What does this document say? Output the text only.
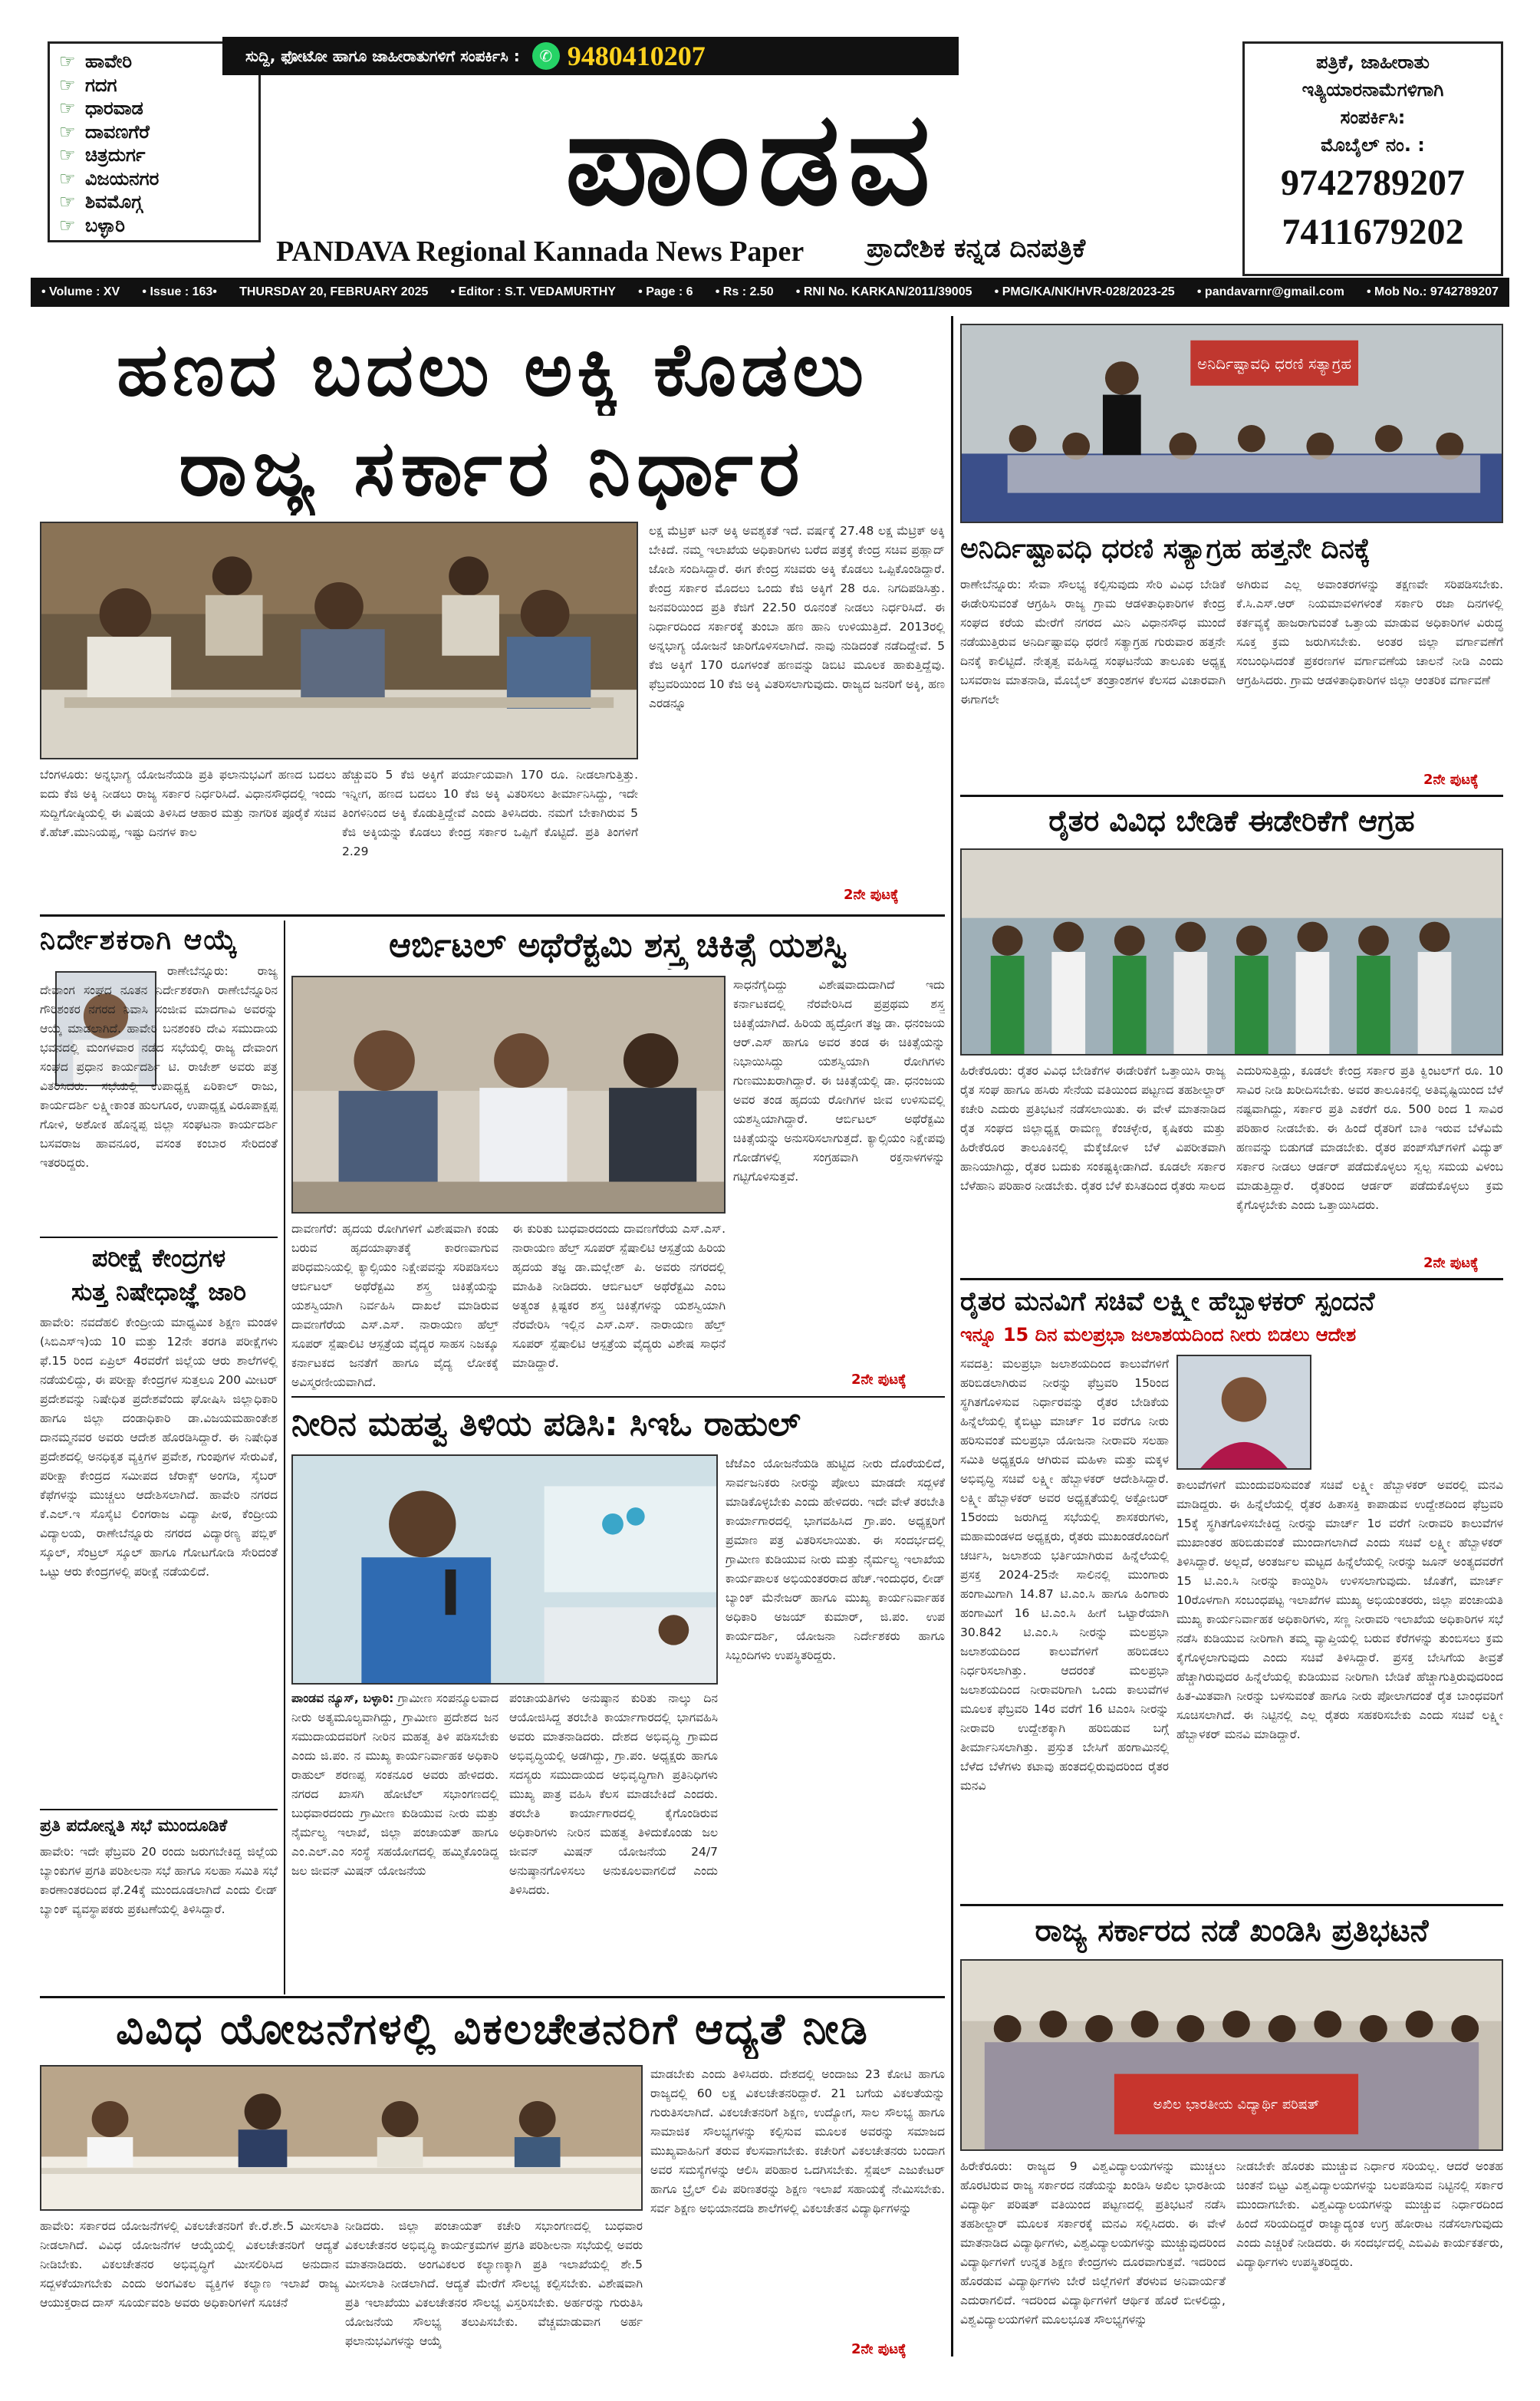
☞ ಹಾವೇರಿ
☞ ಗದಗ
☞ ಧಾರವಾಡ
☞ ದಾವಣಗೆರೆ
☞ ಚಿತ್ರದುರ್ಗ
☞ ವಿಜಯನಗರ
☞ ಶಿವಮೊಗ್ಗ
☞ ಬಳ್ಳಾರಿ
ಸುದ್ದಿ, ಫೋಟೋ ಹಾಗೂ ಜಾಹೀರಾತುಗಳಿಗೆ ಸಂಪರ್ಕಿಸಿ :	✆ 9480410207
ಪಾಂಡವ
PANDAVA Regional Kannada News Paper ಪ್ರಾದೇಶಿಕ ಕನ್ನಡ ದಿನಪತ್ರಿಕೆ
ಪತ್ರಿಕೆ, ಜಾಹೀರಾತು
ಇತ್ಯಿಯಾರನಾಮೆಗಳಿಗಾಗಿ
ಸಂಪರ್ಕಿಸಿ:
ಮೊಬೈಲ್ ನಂ. :
9742789207
7411679202
• Volume : XV • Issue : 163• THURSDAY 20, FEBRUARY 2025 • Editor : S.T. VEDAMURTHY • Page : 6 • Rs : 2.50 • RNI No. KARKAN/2011/39005 • PMG/KA/NK/HVR-028/2023-25 • pandavarnr@gmail.com • Mob No.: 9742789207
ಹಣದ ಬದಲು ಅಕ್ಕಿ ಕೊಡಲು
ರಾಜ್ಯ ಸರ್ಕಾರ ನಿರ್ಧಾರ
ಬೆಂಗಳೂರು: ಅನ್ನಭಾಗ್ಯ ಯೋಜನೆಯಡಿ ಪ್ರತಿ ಫಲಾನುಭವಿಗೆ ಹಣದ ಬದಲು ಐದು ಕೆಜಿ ಅಕ್ಕಿ ನೀಡಲು ರಾಜ್ಯ ಸರ್ಕಾರ ನಿರ್ಧರಿಸಿದೆ. ವಿಧಾನಸೌಧದಲ್ಲಿ ಇಂದು ಸುದ್ದಿಗೋಷ್ಠಿಯಲ್ಲಿ ಈ ವಿಷಯ ತಿಳಿಸಿದ ಆಹಾರ ಮತ್ತು ನಾಗರಿಕ ಪೂರೈಕೆ ಸಚಿವ ಕೆ.ಹೆಚ್.ಮುನಿಯಪ್ಪ, ಇಷ್ಟು ದಿನಗಳ ಕಾಲ
ಹೆಚ್ಚುವರಿ 5 ಕೆಜಿ ಅಕ್ಕಿಗೆ ಪರ್ಯಾಯವಾಗಿ 170 ರೂ. ನೀಡಲಾಗುತ್ತಿತ್ತು. ಇನ್ನೀಗ, ಹಣದ ಬದಲು 10 ಕೆಜಿ ಅಕ್ಕಿ ವಿತರಿಸಲು ತೀರ್ಮಾನಿಸಿದ್ದು, ಇದೇ ತಿಂಗಳಿನಿಂದ ಅಕ್ಕಿ ಕೊಡುತ್ತಿದ್ದೇವೆ ಎಂದು ತಿಳಿಸಿದರು. ನಮಗೆ ಬೇಕಾಗಿರುವ 5 ಕೆಜಿ ಅಕ್ಕಿಯನ್ನು ಕೊಡಲು ಕೇಂದ್ರ ಸರ್ಕಾರ ಒಪ್ಪಿಗೆ ಕೊಟ್ಟಿದೆ. ಪ್ರತಿ ತಿಂಗಳಿಗೆ 2.29
ಲಕ್ಷ ಮೆಟ್ರಿಕ್ ಟನ್ ಅಕ್ಕಿ ಅವಶ್ಯಕತೆ ಇದೆ. ವರ್ಷಕ್ಕೆ 27.48 ಲಕ್ಷ ಮೆಟ್ರಿಕ್ ಅಕ್ಕಿ ಬೇಕಿದೆ. ನಮ್ಮ ಇಲಾಖೆಯ ಅಧಿಕಾರಿಗಳು ಬರೆದ ಪತ್ರಕ್ಕೆ ಕೇಂದ್ರ ಸಚಿವ ಪ್ರಹ್ಲಾದ್ ಜೋಶಿ ಸಂದಿಸಿದ್ದಾರೆ. ಈಗ ಕೇಂದ್ರ ಸಚಿವರು ಅಕ್ಕಿ ಕೊಡಲು ಒಪ್ಪಿಕೊಂಡಿದ್ದಾರೆ. ಕೇಂದ್ರ ಸರ್ಕಾರ ಮೊದಲು ಒಂದು ಕೆಜಿ ಅಕ್ಕಿಗೆ 28 ರೂ. ನಿಗದಿಪಡಿಸಿತ್ತು. ಜನವರಿಯಿಂದ ಪ್ರತಿ ಕೆಜಿಗೆ 22.50 ರೂನಂತೆ ನೀಡಲು ನಿರ್ಧರಿಸಿದೆ. ಈ ನಿರ್ಧಾರದಿಂದ ಸರ್ಕಾರಕ್ಕೆ ತುಂಬಾ ಹಣ ಹಾನಿ ಉಳಿಯುತ್ತಿದೆ. 2013ರಲ್ಲಿ ಅನ್ನಭಾಗ್ಯ ಯೋಜನೆ ಜಾರಿಗೊಳಿಸಲಾಗಿದೆ. ನಾವು ನುಡಿದಂತೆ ನಡೆದಿದ್ದೇವೆ. 5 ಕೆಜಿ ಅಕ್ಕಿಗೆ 170 ರೂಗಳಂತೆ ಹಣವನ್ನು ಡಿಬಿಟಿ ಮೂಲಕ ಹಾಕುತ್ತಿದ್ದೆವು. ಫೆಬ್ರವರಿಯಿಂದ 10 ಕೆಜಿ ಅಕ್ಕಿ ವಿತರಿಸಲಾಗುವುದು. ರಾಜ್ಯದ ಜನರಿಗೆ ಅಕ್ಕಿ, ಹಣ ಎರಡನ್ನೂ
2ನೇ ಪುಟಕ್ಕೆ
ನಿರ್ದೇಶಕರಾಗಿ ಆಯ್ಕೆ
ರಾಣೇಬೆನ್ನೂರು: ರಾಜ್ಯ ದೇವಾಂಗ ಸಂಘದ ನೂತನ ನಿರ್ದೇಶಕರಾಗಿ ರಾಣೇಬೆನ್ನೂರಿನ ಗೌರಿಶಂಕರ ನಗರದ ನಿವಾಸಿ ಸಂಜೀವ ಮಾದಗಾವಿ ಅವರನ್ನು ಆಯ್ಕೆ ಮಾಡಲಾಗಿದೆ. ಹಾವೇರಿ ಬನಶಂಕರಿ ದೇವಿ ಸಮುದಾಯ ಭವನದಲ್ಲಿ ಮಂಗಳವಾರ ನಡೆದ ಸಭೆಯಲ್ಲಿ ರಾಜ್ಯ ದೇವಾಂಗ ಸಂಘದ ಪ್ರಧಾನ ಕಾರ್ಯದರ್ಶಿ ಟಿ. ರಾಜೇಶ್ ಅವರು ಪತ್ರ ವಿತರಿಸಿದರು. ಸಭೆಯಲ್ಲಿ ಉಪಾಧ್ಯಕ್ಷ ಏರಿಕಾಲ್ ರಾಜು, ಕಾರ್ಯದರ್ಶಿ ಲಕ್ಷ್ಮೀಕಾಂತ ಹುಲಗೂರ, ಉಪಾಧ್ಯಕ್ಷ ವಿರೂಪಾಕ್ಷಪ್ಪ ಗೋಳಿ, ಅಶೋಕ ಹೊನ್ನಪ್ಪ ಜಿಲ್ಲಾ ಸಂಘಟನಾ ಕಾರ್ಯದರ್ಶಿ ಬಸವರಾಜ ಹಾವನೂರ, ವಸಂತ ಕಂಬಾರ ಸೇರಿದಂತೆ ಇತರರಿದ್ದರು.
ಪರೀಕ್ಷೆ ಕೇಂದ್ರಗಳ
ಸುತ್ತ ನಿಷೇಧಾಜ್ಞೆ ಜಾರಿ
ಹಾವೇರಿ: ನವದೆಹಲಿ ಕೇಂದ್ರೀಯ ಮಾಧ್ಯಮಿಕ ಶಿಕ್ಷಣ ಮಂಡಳಿ (ಸಿಬಿಎಸ್‌ಇ)ಯ 10 ಮತ್ತು 12ನೇ ತರಗತಿ ಪರೀಕ್ಷೆಗಳು ಫೆ.15 ರಿಂದ ಏಪ್ರಿಲ್ 4ರವರೆಗೆ ಜಿಲ್ಲೆಯ ಆರು ಶಾಲೆಗಳಲ್ಲಿ ನಡೆಯಲಿದ್ದು, ಈ ಪರೀಕ್ಷಾ ಕೇಂದ್ರಗಳ ಸುತ್ತಲೂ 200 ಮೀಟರ್ ಪ್ರದೇಶವನ್ನು ನಿಷೇಧಿತ ಪ್ರದೇಶವೆಂದು ಘೋಷಿಸಿ ಜಿಲ್ಲಾಧಿಕಾರಿ ಹಾಗೂ ಜಿಲ್ಲಾ ದಂಡಾಧಿಕಾರಿ ಡಾ.ವಿಜಯಮಹಾಂತೇಶ ದಾನಮ್ಮನವರ ಅವರು ಆದೇಶ ಹೊರಡಿಸಿದ್ದಾರೆ. ಈ ನಿಷೇಧಿತ ಪ್ರದೇಶದಲ್ಲಿ ಅನಧಿಕೃತ ವ್ಯಕ್ತಿಗಳ ಪ್ರವೇಶ, ಗುಂಪುಗಳ ಸೇರುವಿಕೆ, ಪರೀಕ್ಷಾ ಕೇಂದ್ರದ ಸಮೀಪದ ಜೆರಾಕ್ಸ್ ಅಂಗಡಿ, ಸೈಬರ್ ಕೆಫೆಗಳನ್ನು ಮುಚ್ಚಲು ಆದೇಶಿಸಲಾಗಿದೆ. ಹಾವೇರಿ ನಗರದ ಕೆ.ಎಲ್.ಇ ಸೊಸೈಟಿ ಲಿಂಗರಾಜ ವಿದ್ಯಾ ಪೀಠ, ಕೆಂದ್ರೀಯ ವಿದ್ಯಾಲಯ, ರಾಣೇಬೆನ್ನೂರು ನಗರದ ವಿದ್ಯಾರಣ್ಯ ಪಬ್ಲಿಕ್ ಸ್ಕೂಲ್, ಸೆಂಟ್ರಲ್ ಸ್ಕೂಲ್ ಹಾಗೂ ಗೋಟಗೋಡಿ ಸೇರಿದಂತೆ ಒಟ್ಟು ಆರು ಕೇಂದ್ರಗಳಲ್ಲಿ ಪರೀಕ್ಷೆ ನಡೆಯಲಿದೆ.
ಪ್ರತಿ ಪದೋನ್ನತಿ ಸಭೆ ಮುಂದೂಡಿಕೆ
ಹಾವೇರಿ: ಇದೇ ಫೆಬ್ರವರಿ 20 ರಂದು ಜರುಗಬೇಕಿದ್ದ ಜಿಲ್ಲೆಯ ಬ್ಯಾಂಕುಗಳ ಪ್ರಗತಿ ಪರಿಶೀಲನಾ ಸಭೆ ಹಾಗೂ ಸಲಹಾ ಸಮಿತಿ ಸಭೆ ಕಾರಣಾಂತರದಿಂದ ಫೆ.24ಕ್ಕೆ ಮುಂದೂಡಲಾಗಿದೆ ಎಂದು ಲೀಡ್ ಬ್ಯಾಂಕ್ ವ್ಯವಸ್ಥಾಪಕರು ಪ್ರಕಟಣೆಯಲ್ಲಿ ತಿಳಿಸಿದ್ದಾರೆ.
ಆರ್ಬಿಟಲ್ ಅಥೆರೆಕ್ಟಮಿ ಶಸ್ತ್ರ ಚಿಕಿತ್ಸೆ ಯಶಸ್ವಿ
ದಾವಣಗೆರೆ: ಹೃದಯ ರೋಗಿಗಳಿಗೆ ವಿಶೇಷವಾಗಿ ಕಂಡು ಬರುವ ಹೃದಯಾಘಾತಕ್ಕೆ ಕಾರಣವಾಗುವ ಪರಿಧಮನಿಯಲ್ಲಿ ಕ್ಯಾಲ್ಸಿಯಂ ನಿಕ್ಷೇಪವನ್ನು ಸರಿಪಡಿಸಲು ಆರ್ಬಿಟಲ್ ಅಥೆರೆಕ್ಟಮಿ ಶಸ್ತ್ರ ಚಿಕಿತ್ಸೆಯನ್ನು ಯಶಸ್ವಿಯಾಗಿ ನಿರ್ವಹಿಸಿ ದಾಖಲೆ ಮಾಡಿರುವ ದಾವಣಗೆರೆಯ ಎಸ್.ಎಸ್. ನಾರಾಯಣ ಹೆಲ್ತ್ ಸೂಪರ್ ಸ್ಪೆಷಾಲಿಟಿ ಆಸ್ಪತ್ರೆಯ ವೈದ್ಯರ ಸಾಹಸ ನಿಜಕ್ಕೂ ಕರ್ನಾಟಕದ ಜನತೆಗೆ ಹಾಗೂ ವೈದ್ಯ ಲೋಕಕ್ಕೆ ಅವಿಸ್ಮರಣೀಯವಾಗಿದೆ.
ಈ ಕುರಿತು ಬುಧವಾರದಂದು ದಾವಣಗೆರೆಯ ಎಸ್.ಎಸ್. ನಾರಾಯಣ ಹೆಲ್ತ್ ಸೂಪರ್ ಸ್ಪೆಷಾಲಿಟಿ ಆಸ್ಪತ್ರೆಯ ಹಿರಿಯ ಹೃದಯ ತಜ್ಞ ಡಾ.ಮಲ್ಲೇಶ್ ಪಿ. ಅವರು ನಗರದಲ್ಲಿ ಮಾಹಿತಿ ನೀಡಿದರು. ಆರ್ಬಿಟಲ್ ಅಥೆರೆಕ್ಟಮಿ ಎಂಬ ಅತ್ಯಂತ ಕ್ಲಿಷ್ಟಕರ ಶಸ್ತ್ರ ಚಿಕಿತ್ಸೆಗಳನ್ನು ಯಶಸ್ವಿಯಾಗಿ ನೆರವೇರಿಸಿ ಇಲ್ಲಿನ ಎಸ್.ಎಸ್. ನಾರಾಯಣ ಹೆಲ್ತ್ ಸೂಪರ್ ಸ್ಪೆಷಾಲಿಟಿ ಆಸ್ಪತ್ರೆಯ ವೈದ್ಯರು ವಿಶೇಷ ಸಾಧನೆ ಮಾಡಿದ್ದಾರೆ.
ಸಾಧನೆಗೈದಿದ್ದು ವಿಶೇಷವಾದುದಾಗಿದೆ ಇದು ಕರ್ನಾಟಕದಲ್ಲಿ ನೆರವೇರಿಸಿದ ಪ್ರಪ್ರಥಮ ಶಸ್ತ್ರ ಚಿಕಿತ್ಸೆಯಾಗಿದೆ. ಹಿರಿಯ ಹೃದ್ರೋಗ ತಜ್ಞ ಡಾ. ಧನಂಜಯ ಆರ್.ಎಸ್ ಹಾಗೂ ಅವರ ತಂಡ ಈ ಚಿಕಿತ್ಸೆಯನ್ನು ನಿಭಾಯಿಸಿದ್ದು ಯಶಸ್ವಿಯಾಗಿ ರೋಗಿಗಳು ಗುಣಮುಖರಾಗಿದ್ದಾರೆ. ಈ ಚಿಕಿತ್ಸೆಯಲ್ಲಿ ಡಾ. ಧನಂಜಯ ಅವರ ತಂಡ ಹೃದಯ ರೋಗಿಗಳ ಜೀವ ಉಳಿಸುವಲ್ಲಿ ಯಶಸ್ವಿಯಾಗಿದ್ದಾರೆ. ಆರ್ಬಿಟಲ್ ಅಥೆರೆಕ್ಟಮಿ ಚಿಕಿತ್ಸೆಯನ್ನು ಅನುಸರಿಸಲಾಗುತ್ತದೆ. ಕ್ಯಾಲ್ಸಿಯಂ ನಿಕ್ಷೇಪವು ಗೋಡೆಗಳಲ್ಲಿ ಸಂಗ್ರಹವಾಗಿ ರಕ್ತನಾಳಗಳನ್ನು ಗಟ್ಟಿಗೊಳಿಸುತ್ತವೆ.
2ನೇ ಪುಟಕ್ಕೆ
ನೀರಿನ ಮಹತ್ವ ತಿಳಿಯ ಪಡಿಸಿ: ಸಿಇಓ ರಾಹುಲ್
ಪಾಂಡವ ನ್ಯೂಸ್, ಬಳ್ಳಾರಿ: ಗ್ರಾಮೀಣ ಸಂಪನ್ಮೂಲವಾದ ನೀರು ಅತ್ಯಮೂಲ್ಯವಾಗಿದ್ದು, ಗ್ರಾಮೀಣ ಪ್ರದೇಶದ ಜನ ಸಮುದಾಯದವರಿಗೆ ನೀರಿನ ಮಹತ್ವ ತಿಳಿ ಪಡಿಸಬೇಕು ಎಂದು ಜಿ.ಪಂ. ನ ಮುಖ್ಯ ಕಾರ್ಯನಿರ್ವಾಹಕ ಅಧಿಕಾರಿ ರಾಹುಲ್ ಶರಣಪ್ಪ ಸಂಕನೂರ ಅವರು ಹೇಳಿದರು. ನಗರದ ಖಾಸಗಿ ಹೋಟೆಲ್ ಸಭಾಂಗಣದಲ್ಲಿ ಬುಧವಾರದಂದು ಗ್ರಾಮೀಣ ಕುಡಿಯುವ ನೀರು ಮತ್ತು ನೈರ್ಮಲ್ಯ ಇಲಾಖೆ, ಜಿಲ್ಲಾ ಪಂಚಾಯತ್ ಹಾಗೂ ಎಂ.ಎಲ್.ಎಂ ಸಂಸ್ಥೆ ಸಹಯೋಗದಲ್ಲಿ ಹಮ್ಮಿಕೊಂಡಿದ್ದ ಜಲ ಜೀವನ್ ಮಿಷನ್ ಯೋಜನೆಯ
ಪಂಚಾಯತಿಗಳು ಅನುಷ್ಠಾನ ಕುರಿತು ನಾಲ್ಕು ದಿನ ಆಯೋಜಿಸಿದ್ದ ತರಬೇತಿ ಕಾರ್ಯಾಗಾರದಲ್ಲಿ ಭಾಗವಹಿಸಿ ಅವರು ಮಾತನಾಡಿದರು. ದೇಶದ ಅಭಿವೃದ್ಧಿ ಗ್ರಾಮದ ಅಭಿವೃದ್ಧಿಯಲ್ಲಿ ಅಡಗಿದ್ದು, ಗ್ರಾ.ಪಂ. ಅಧ್ಯಕ್ಷರು ಹಾಗೂ ಸದಸ್ಯರು ಸಮುದಾಯದ ಅಭಿವೃದ್ಧಿಗಾಗಿ ಪ್ರತಿನಿಧಿಗಳು ಮುಖ್ಯ ಪಾತ್ರ ವಹಿಸಿ ಕೆಲಸ ಮಾಡಬೇಕಿದೆ ಎಂದರು. ತರಬೇತಿ ಕಾರ್ಯಾಗಾರದಲ್ಲಿ ಕೈಗೊಂಡಿರುವ ಅಧಿಕಾರಿಗಳು ನೀರಿನ ಮಹತ್ವ ತಿಳಿದುಕೊಂಡು ಜಲ ಜೀವನ್ ಮಿಷನ್ ಯೋಜನೆಯ 24/7 ಅನುಷ್ಠಾನಗೊಳಿಸಲು ಅನುಕೂಲವಾಗಲಿದೆ ಎಂದು ತಿಳಿಸಿದರು.
ಜೆಜೆಎಂ ಯೋಜನೆಯಡಿ ಹುಟ್ಟಿದ ನೀರು ದೊರೆಯಲಿದೆ, ಸಾರ್ವಜನಿಕರು ನೀರನ್ನು ಪೋಲು ಮಾಡದೇ ಸದ್ಬಳಕೆ ಮಾಡಿಕೊಳ್ಳಬೇಕು ಎಂದು ಹೇಳಿದರು. ಇದೇ ವೇಳೆ ತರಬೇತಿ ಕಾರ್ಯಾಗಾರದಲ್ಲಿ ಭಾಗವಹಿಸಿದ ಗ್ರಾ.ಪಂ. ಅಧ್ಯಕ್ಷರಿಗೆ ಪ್ರಮಾಣ ಪತ್ರ ವಿತರಿಸಲಾಯಿತು. ಈ ಸಂದರ್ಭದಲ್ಲಿ ಗ್ರಾಮೀಣ ಕುಡಿಯುವ ನೀರು ಮತ್ತು ನೈರ್ಮಲ್ಯ ಇಲಾಖೆಯ ಕಾರ್ಯಪಾಲಕ ಅಭಿಯಂತರರಾದ ಹೆಚ್.ಇಂದುಧರ, ಲೀಡ್ ಬ್ಯಾಂಕ್ ಮೆನೇಜರ್ ಹಾಗೂ ಮುಖ್ಯ ಕಾರ್ಯನಿರ್ವಾಹಕ ಅಧಿಕಾರಿ ಅಜಯ್ ಕುಮಾರ್, ಜಿ.ಪಂ. ಉಪ ಕಾರ್ಯದರ್ಶಿ, ಯೋಜನಾ ನಿರ್ದೇಶಕರು ಹಾಗೂ ಸಿಬ್ಬಂದಿಗಳು ಉಪಸ್ಥಿತರಿದ್ದರು.
ವಿವಿಧ ಯೋಜನೆಗಳಲ್ಲಿ ವಿಕಲಚೇತನರಿಗೆ ಆದ್ಯತೆ ನೀಡಿ
ಹಾವೇರಿ: ಸರ್ಕಾರದ ಯೋಜನೆಗಳಲ್ಲಿ ವಿಕಲಚೇತನರಿಗೆ ಕೇ.ರೆ.ಶೇ.5 ಮೀಸಲಾತಿ ನೀಡಲಾಗಿದೆ. ವಿವಿಧ ಯೋಜನೆಗಳ ಆಯ್ಕೆಯಲ್ಲಿ ವಿಕಲಚೇತನರಿಗೆ ಆದ್ಯತೆ ನೀಡಿಬೇಕು. ವಿಕಲಚೇತನರ ಅಭಿವೃದ್ಧಿಗೆ ಮೀಸಲಿರಿಸಿದ ಅನುದಾನ ಸದ್ಬಳಕೆಯಾಗಬೇಕು ಎಂದು ಅಂಗವಿಕಲ ವ್ಯಕ್ತಿಗಳ ಕಲ್ಯಾಣ ಇಲಾಖೆ ರಾಜ್ಯ ಆಯುಕ್ತರಾದ ದಾಸ್ ಸೂರ್ಯವಂಶಿ ಅವರು ಅಧಿಕಾರಿಗಳಿಗೆ ಸೂಚನೆ
ನೀಡಿದರು. ಜಿಲ್ಲಾ ಪಂಚಾಯತ್ ಕಚೇರಿ ಸಭಾಂಗಣದಲ್ಲಿ ಬುಧವಾರ ವಿಕಲಚೇತನರ ಅಭಿವೃದ್ಧಿ ಕಾರ್ಯಕ್ರಮಗಳ ಪ್ರಗತಿ ಪರಿಶೀಲನಾ ಸಭೆಯಲ್ಲಿ ಅವರು ಮಾತನಾಡಿದರು. ಅಂಗವಿಕಲರ ಕಲ್ಯಾಣಕ್ಕಾಗಿ ಪ್ರತಿ ಇಲಾಖೆಯಲ್ಲಿ ಶೇ.5 ಮೀಸಲಾತಿ ನೀಡಲಾಗಿದೆ. ಆದ್ಯತೆ ಮೇರೆಗೆ ಸೌಲಭ್ಯ ಕಲ್ಪಿಸಬೇಕು. ವಿಶೇಷವಾಗಿ ಪ್ರತಿ ಇಲಾಖೆಯು ವಿಕಲಚೇತನರ ಸೌಲಭ್ಯ ವಿಸ್ತರಿಸಬೇಕು. ಅರ್ಹರನ್ನು ಗುರುತಿಸಿ ಯೋಜನೆಯ ಸೌಲಭ್ಯ ತಲುಪಿಸಬೇಕು. ವೆಚ್ಚಮಾಡುವಾಗ ಅರ್ಹ ಫಲಾನುಭವಿಗಳನ್ನು ಆಯ್ಕೆ
ಮಾಡಬೇಕು ಎಂದು ತಿಳಿಸಿದರು. ದೇಶದಲ್ಲಿ ಅಂದಾಜು 23 ಕೋಟಿ ಹಾಗೂ ರಾಜ್ಯದಲ್ಲಿ 60 ಲಕ್ಷ ವಿಕಲಚೇತನರಿದ್ದಾರೆ. 21 ಬಗೆಯ ವಿಕಲತೆಯನ್ನು ಗುರುತಿಸಲಾಗಿದೆ. ವಿಕಲಚೇತನರಿಗೆ ಶಿಕ್ಷಣ, ಉದ್ಯೋಗ, ಸಾಲ ಸೌಲಭ್ಯ ಹಾಗೂ ಸಾಮಾಜಿಕ ಸೌಲಭ್ಯಗಳನ್ನು ಕಲ್ಪಿಸುವ ಮೂಲಕ ಅವರನ್ನು ಸಮಾಜದ ಮುಖ್ಯವಾಹಿನಿಗೆ ತರುವ ಕೆಲಸವಾಗಬೇಕು. ಕಚೇರಿಗೆ ವಿಕಲಚೇತನರು ಬಂದಾಗ ಅವರ ಸಮಸ್ಯೆಗಳನ್ನು ಆಲಿಸಿ ಪರಿಹಾರ ಒದಗಿಸಬೇಕು. ಸ್ಪೆಷಲ್ ಎಜುಕೇಟರ್ ಹಾಗೂ ಬ್ರೈಲ್ ಲಿಪಿ ಪರಿಣತರನ್ನು ಶಿಕ್ಷಣ ಇಲಾಖೆ ಸಹಾಯಕ್ಕೆ ನೇಮಿಸಬೇಕು. ಸರ್ವ ಶಿಕ್ಷಣ ಅಭಿಯಾನದಡಿ ಶಾಲೆಗಳಲ್ಲಿ ವಿಕಲಚೇತನ ವಿದ್ಯಾರ್ಥಿಗಳನ್ನು
2ನೇ ಪುಟಕ್ಕೆ
ಅನಿರ್ದಿಷ್ಟಾವಧಿ ಧರಣಿ ಸತ್ಯಾಗ್ರಹ
ಅನಿರ್ದಿಷ್ಟಾವಧಿ ಧರಣಿ ಸತ್ಯಾಗ್ರಹ ಹತ್ತನೇ ದಿನಕ್ಕೆ
ರಾಣೇಬೆನ್ನೂರು: ಸೇವಾ ಸೌಲಭ್ಯ ಕಲ್ಪಿಸುವುದು ಸೇರಿ ವಿವಿಧ ಬೇಡಿಕೆ ಈಡೇರಿಸುವಂತೆ ಆಗ್ರಹಿಸಿ ರಾಜ್ಯ ಗ್ರಾಮ ಆಡಳಿತಾಧಿಕಾರಿಗಳ ಕೇಂದ್ರ ಸಂಘದ ಕರೆಯ ಮೇರೆಗೆ ನಗರದ ಮಿನಿ ವಿಧಾನಸೌಧ ಮುಂದೆ ನಡೆಯುತ್ತಿರುವ ಅನಿರ್ದಿಷ್ಟಾವಧಿ ಧರಣಿ ಸತ್ಯಾಗ್ರಹ ಗುರುವಾರ ಹತ್ತನೇ ದಿನಕ್ಕೆ ಕಾಲಿಟ್ಟಿದೆ. ನೇತೃತ್ವ ವಹಿಸಿದ್ದ ಸಂಘಟನೆಯ ತಾಲೂಕು ಅಧ್ಯಕ್ಷ ಬಸವರಾಜ ಮಾತನಾಡಿ, ಮೊಬೈಲ್ ತಂತ್ರಾಂಶಗಳ ಕೆಲಸದ ವಿಚಾರವಾಗಿ ಈಗಾಗಲೇ
ಅಗಿರುವ ಎಲ್ಲ ಅವಾಂತರಗಳನ್ನು ತಕ್ಷಣವೇ ಸರಿಪಡಿಸಬೇಕು. ಕೆ.ಸಿ.ಎಸ್.ಆರ್ ನಿಯಮಾವಳಿಗಳಂತೆ ಸರ್ಕಾರಿ ರಜಾ ದಿನಗಳಲ್ಲಿ ಕರ್ತವ್ಯಕ್ಕೆ ಹಾಜರಾಗುವಂತೆ ಒತ್ತಾಯ ಮಾಡುವ ಅಧಿಕಾರಿಗಳ ವಿರುದ್ಧ ಸೂಕ್ತ ಕ್ರಮ ಜರುಗಿಸಬೇಕು. ಅಂತರ ಜಿಲ್ಲಾ ವರ್ಗಾವಣೆಗೆ ಸಂಬಂಧಿಸಿದಂತೆ ಪ್ರಕರಣಗಳ ವರ್ಗಾವಣೆಯ ಚಾಲನೆ ನೀಡಿ ಎಂದು ಆಗ್ರಹಿಸಿದರು. ಗ್ರಾಮ ಆಡಳಿತಾಧಿಕಾರಿಗಳ ಜಿಲ್ಲಾ ಆಂತರಿಕ ವರ್ಗಾವಣೆ
2ನೇ ಪುಟಕ್ಕೆ
ರೈತರ ವಿವಿಧ ಬೇಡಿಕೆ ಈಡೇರಿಕೆಗೆ ಆಗ್ರಹ
ಹಿರೇಕೆರೂರು: ರೈತರ ವಿವಿಧ ಬೇಡಿಕೆಗಳ ಈಡೇರಿಕೆಗೆ ಒತ್ತಾಯಿಸಿ ರಾಜ್ಯ ರೈತ ಸಂಘ ಹಾಗೂ ಹಸಿರು ಸೇನೆಯ ವತಿಯಿಂದ ಪಟ್ಟಣದ ತಹಶೀಲ್ದಾರ್ ಕಚೇರಿ ಎದುರು ಪ್ರತಿಭಟನೆ ನಡೆಸಲಾಯಿತು. ಈ ವೇಳೆ ಮಾತನಾಡಿದ ರೈತ ಸಂಘದ ಜಿಲ್ಲಾಧ್ಯಕ್ಷ ರಾಮಣ್ಣ ಕೆಂಚಳ್ಳೇರ, ಕೃಷಿಕರು ಮತ್ತು ಹಿರೇಕೆರೂರ ತಾಲೂಕಿನಲ್ಲಿ ಮೆಕ್ಕೆಜೋಳ ಬೆಳೆ ವಿಪರೀತವಾಗಿ ಹಾನಿಯಾಗಿದ್ದು, ರೈತರ ಬದುಕು ಸಂಕಷ್ಟಕ್ಕೀಡಾಗಿದೆ. ಕೂಡಲೇ ಸರ್ಕಾರ ಬೆಳೆಹಾನಿ ಪರಿಹಾರ ನೀಡಬೇಕು. ರೈತರ ಬೆಳೆ ಕುಸಿತದಿಂದ ರೈತರು ಸಾಲದ
ಎದುರಿಸುತ್ತಿದ್ದು, ಕೂಡಲೇ ಕೇಂದ್ರ ಸರ್ಕಾರ ಪ್ರತಿ ಕ್ವಿಂಟಲ್‌ಗೆ ರೂ. 10 ಸಾವಿರ ನೀಡಿ ಖರೀದಿಸಬೇಕು. ಅವರ ತಾಲೂಕಿನಲ್ಲಿ ಅತಿವೃಷ್ಟಿಯಿಂದ ಬೆಳೆ ನಷ್ಟವಾಗಿದ್ದು, ಸರ್ಕಾರ ಪ್ರತಿ ಎಕರೆಗೆ ರೂ. 500 ರಿಂದ 1 ಸಾವಿರ ಪರಿಹಾರ ನೀಡಬೇಕು. ಈ ಹಿಂದೆ ರೈತರಿಗೆ ಬಾಕಿ ಇರುವ ಬೆಳೆವಿಮೆ ಹಣವನ್ನು ಬಿಡುಗಡೆ ಮಾಡಬೇಕು. ರೈತರ ಪಂಪ್‌ಸೆಟ್‌ಗಳಿಗೆ ವಿದ್ಯುತ್ ಸರ್ಕಾರ ನೀಡಲು ಆರ್ಡರ್ ಪಡೆದುಕೊಳ್ಳಲು ಸ್ವಲ್ಪ ಸಮಯ ವಿಳಂಬ ಮಾಡುತ್ತಿದ್ದಾರೆ. ರೈತರಿಂದ ಆರ್ಡರ್ ಪಡೆದುಕೊಳ್ಳಲು ಕ್ರಮ ಕೈಗೊಳ್ಳಬೇಕು ಎಂದು ಒತ್ತಾಯಿಸಿದರು.
2ನೇ ಪುಟಕ್ಕೆ
ರೈತರ ಮನವಿಗೆ ಸಚಿವೆ ಲಕ್ಷ್ಮೀ ಹೆಬ್ಬಾಳಕರ್ ಸ್ಪಂದನೆ
ಇನ್ನೂ 15 ದಿನ ಮಲಪ್ರಭಾ ಜಲಾಶಯದಿಂದ ನೀರು ಬಿಡಲು ಆದೇಶ
ಸವದತ್ತಿ: ಮಲಪ್ರಭಾ ಜಲಾಶಯದಿಂದ ಕಾಲುವೆಗಳಿಗೆ ಹರಿಬಿಡಲಾಗಿರುವ ನೀರನ್ನು ಫೆಬ್ರವರಿ 15ರಿಂದ ಸ್ಥಗಿತಗೊಳಿಸುವ ನಿರ್ಧಾರವನ್ನು ರೈತರ ಬೇಡಿಕೆಯ ಹಿನ್ನೆಲೆಯಲ್ಲಿ ಕೈಬಿಟ್ಟು ಮಾರ್ಚ್ 1ರ ವರೆಗೂ ನೀರು ಹರಿಸುವಂತೆ ಮಲಪ್ರಭಾ ಯೋಜನಾ ನೀರಾವರಿ ಸಲಹಾ ಸಮಿತಿ ಅಧ್ಯಕ್ಷರೂ ಆಗಿರುವ ಮಹಿಳಾ ಮತ್ತು ಮಕ್ಕಳ ಅಭಿವೃದ್ಧಿ ಸಚಿವೆ ಲಕ್ಷ್ಮೀ ಹೆಬ್ಬಾಳಕರ್ ಆದೇಶಿಸಿದ್ದಾರೆ. ಲಕ್ಷ್ಮೀ ಹೆಬ್ಬಾಳಕರ್ ಅವರ ಅಧ್ಯಕ್ಷತೆಯಲ್ಲಿ ಅಕ್ಟೋಬರ್ 15ರಂದು ಜರುಗಿದ್ದ ಸಭೆಯಲ್ಲಿ ಶಾಸಕರುಗಳು, ಮಹಾಮಂಡಳದ ಅಧ್ಯಕ್ಷರು, ರೈತರು ಮುಖಂಡರೊಂದಿಗೆ ಚರ್ಚಿಸಿ, ಜಲಾಶಯ ಭರ್ತಿಯಾಗಿರುವ ಹಿನ್ನೆಲೆಯಲ್ಲಿ ಪ್ರಸಕ್ತ 2024-25ನೇ ಸಾಲಿನಲ್ಲಿ ಮುಂಗಾರು ಹಂಗಾಮಿಗಾಗಿ 14.87 ಟಿ.ಎಂ.ಸಿ ಹಾಗೂ ಹಿಂಗಾರು ಹಂಗಾಮಿಗೆ 16 ಟಿ.ಎಂ.ಸಿ ಹೀಗೆ ಒಟ್ಟಾರೆಯಾಗಿ 30.842 ಟಿ.ಎಂ.ಸಿ ನೀರನ್ನು ಮಲಪ್ರಭಾ ಜಲಾಶಯದಿಂದ ಕಾಲುವೆಗಳಿಗೆ ಹರಿಬಿಡಲು ನಿರ್ಧರಿಸಲಾಗಿತ್ತು. ಆದರಂತೆ ಮಲಪ್ರಭಾ ಜಲಾಶಯದಿಂದ ನೀರಾವರಿಗಾಗಿ ಒಂದು ಕಾಲುವೆಗಳ ಮೂಲಕ ಫೆಬ್ರವರಿ 14ರ ವರೆಗೆ 16 ಟಿಎಂಸಿ ನೀರನ್ನು ನೀರಾವರಿ ಉದ್ದೇಶಕ್ಕಾಗಿ ಹರಿಬಿಡುವ ಬಗ್ಗೆ ತೀರ್ಮಾನಿಸಲಾಗಿತ್ತು. ಪ್ರಸ್ತುತ ಬೇಸಿಗೆ ಹಂಗಾಮಿನಲ್ಲಿ ಬೆಳೆದ ಬೆಳೆಗಳು ಕಟಾವು ಹಂತದಲ್ಲಿರುವುದರಿಂದ ರೈತರ ಮನವಿ
ಕಾಲುವೆಗಳಿಗೆ ಮುಂದುವರಿಸುವಂತೆ ಸಚಿವೆ ಲಕ್ಷ್ಮೀ ಹೆಬ್ಬಾಳಕರ್ ಅವರಲ್ಲಿ ಮನವಿ ಮಾಡಿದ್ದರು. ಈ ಹಿನ್ನೆಲೆಯಲ್ಲಿ ರೈತರ ಹಿತಾಸಕ್ತಿ ಕಾಪಾಡುವ ಉದ್ದೇಶದಿಂದ ಫೆಬ್ರವರಿ 15ಕ್ಕೆ ಸ್ಥಗಿತಗೊಳಿಸಬೇಕಿದ್ದ ನೀರನ್ನು ಮಾರ್ಚ್ 1ರ ವರೆಗೆ ನೀರಾವರಿ ಕಾಲುವೆಗಳ ಮುಖಾಂತರ ಹರಿಬಿಡುವಂತೆ ಮುಂದಾಗಲಾಗಿದೆ ಎಂದು ಸಚಿವೆ ಲಕ್ಷ್ಮೀ ಹೆಬ್ಬಾಳಕರ್ ತಿಳಿಸಿದ್ದಾರೆ. ಅಲ್ಲದೆ, ಅಂತರ್ಜಲ ಮಟ್ಟದ ಹಿನ್ನೆಲೆಯಲ್ಲಿ ನೀರನ್ನು ಜೂನ್ ಅಂತ್ಯದವರೆಗೆ 15 ಟಿ.ಎಂ.ಸಿ ನೀರನ್ನು ಕಾಯ್ದಿರಿಸಿ ಉಳಿಸಲಾಗುವುದು. ಜೊತೆಗೆ, ಮಾರ್ಚ್ 10ರೊಳಗಾಗಿ ಸಂಬಂಧಪಟ್ಟ ಇಲಾಖೆಗಳ ಮುಖ್ಯ ಅಭಿಯಂತರರು, ಜಿಲ್ಲಾ ಪಂಚಾಯತಿ ಮುಖ್ಯ ಕಾರ್ಯನಿರ್ವಾಹಕ ಅಧಿಕಾರಿಗಳು, ಸಣ್ಣ ನೀರಾವರಿ ಇಲಾಖೆಯ ಅಧಿಕಾರಿಗಳ ಸಭೆ ನಡೆಸಿ ಕುಡಿಯುವ ನೀರಿಗಾಗಿ ತಮ್ಮ ವ್ಯಾಪ್ತಿಯಲ್ಲಿ ಬರುವ ಕೆರೆಗಳನ್ನು ತುಂಬಿಸಲು ಕ್ರಮ ಕೈಗೊಳ್ಳಲಾಗುವುದು ಎಂದು ಸಚಿವೆ ತಿಳಿಸಿದ್ದಾರೆ. ಪ್ರಸಕ್ತ ಬೇಸಿಗೆಯ ತೀವ್ರತೆ ಹೆಚ್ಚಾಗಿರುವುದರ ಹಿನ್ನೆಲೆಯಲ್ಲಿ ಕುಡಿಯುವ ನೀರಿಗಾಗಿ ಬೇಡಿಕೆ ಹೆಚ್ಚಾಗುತ್ತಿರುವುದರಿಂದ ಹಿತ-ಮಿತವಾಗಿ ನೀರನ್ನು ಬಳಸುವಂತೆ ಹಾಗೂ ನೀರು ಪೋಲಾಗದಂತೆ ರೈತ ಬಾಂಧವರಿಗೆ ಸೂಚಿಸಲಾಗಿದೆ. ಈ ನಿಟ್ಟಿನಲ್ಲಿ ಎಲ್ಲ ರೈತರು ಸಹಕರಿಸಬೇಕು ಎಂದು ಸಚಿವೆ ಲಕ್ಷ್ಮೀ ಹೆಬ್ಬಾಳಕರ್ ಮನವಿ ಮಾಡಿದ್ದಾರೆ.
ರಾಜ್ಯ ಸರ್ಕಾರದ ನಡೆ ಖಂಡಿಸಿ ಪ್ರತಿಭಟನೆ
ಅಖಿಲ ಭಾರತೀಯ ವಿದ್ಯಾರ್ಥಿ ಪರಿಷತ್
ಹಿರೇಕೆರೂರು: ರಾಜ್ಯದ 9 ವಿಶ್ವವಿದ್ಯಾಲಯಗಳನ್ನು ಮುಚ್ಚಲು ಹೊರಟಿರುವ ರಾಜ್ಯ ಸರ್ಕಾರದ ನಡೆಯನ್ನು ಖಂಡಿಸಿ ಅಖಿಲ ಭಾರತೀಯ ವಿದ್ಯಾರ್ಥಿ ಪರಿಷತ್ ವತಿಯಿಂದ ಪಟ್ಟಣದಲ್ಲಿ ಪ್ರತಿಭಟನೆ ನಡೆಸಿ ತಹಶೀಲ್ದಾರ್ ಮೂಲಕ ಸರ್ಕಾರಕ್ಕೆ ಮನವಿ ಸಲ್ಲಿಸಿದರು. ಈ ವೇಳೆ ಮಾತನಾಡಿದ ವಿದ್ಯಾರ್ಥಿಗಳು, ವಿಶ್ವವಿದ್ಯಾಲಯಗಳನ್ನು ಮುಚ್ಚುವುದರಿಂದ ವಿದ್ಯಾರ್ಥಿಗಳಿಗೆ ಉನ್ನತ ಶಿಕ್ಷಣ ಕೇಂದ್ರಗಳು ದೂರವಾಗುತ್ತವೆ. ಇದರಿಂದ ಹೊರಡುವ ವಿದ್ಯಾರ್ಥಿಗಳು ಬೇರೆ ಜಿಲ್ಲೆಗಳಿಗೆ ತೆರಳುವ ಅನಿವಾರ್ಯತೆ ಎದುರಾಗಲಿದೆ. ಇದರಿಂದ ವಿದ್ಯಾರ್ಥಿಗಳಿಗೆ ಆರ್ಥಿಕ ಹೊರೆ ಬೀಳಲಿದ್ದು, ವಿಶ್ವವಿದ್ಯಾಲಯಗಳಿಗೆ ಮೂಲಭೂತ ಸೌಲಭ್ಯಗಳನ್ನು
ನೀಡಬೇಕೇ ಹೊರತು ಮುಚ್ಚುವ ನಿರ್ಧಾರ ಸರಿಯಲ್ಲ. ಆದರೆ ಅಂತಹ ಚಿಂತನೆ ಬಿಟ್ಟು ವಿಶ್ವವಿದ್ಯಾಲಯಗಳನ್ನು ಬಲಪಡಿಸುವ ನಿಟ್ಟಿನಲ್ಲಿ ಸರ್ಕಾರ ಮುಂದಾಗಬೇಕು. ವಿಶ್ವವಿದ್ಯಾಲಯಗಳನ್ನು ಮುಚ್ಚುವ ನಿರ್ಧಾರದಿಂದ ಹಿಂದೆ ಸರಿಯದಿದ್ದರೆ ರಾಜ್ಯಾದ್ಯಂತ ಉಗ್ರ ಹೋರಾಟ ನಡೆಸಲಾಗುವುದು ಎಂದು ಎಚ್ಚರಿಕೆ ನೀಡಿದರು. ಈ ಸಂದರ್ಭದಲ್ಲಿ ಎಬಿವಿಪಿ ಕಾರ್ಯಕರ್ತರು, ವಿದ್ಯಾರ್ಥಿಗಳು ಉಪಸ್ಥಿತರಿದ್ದರು.
